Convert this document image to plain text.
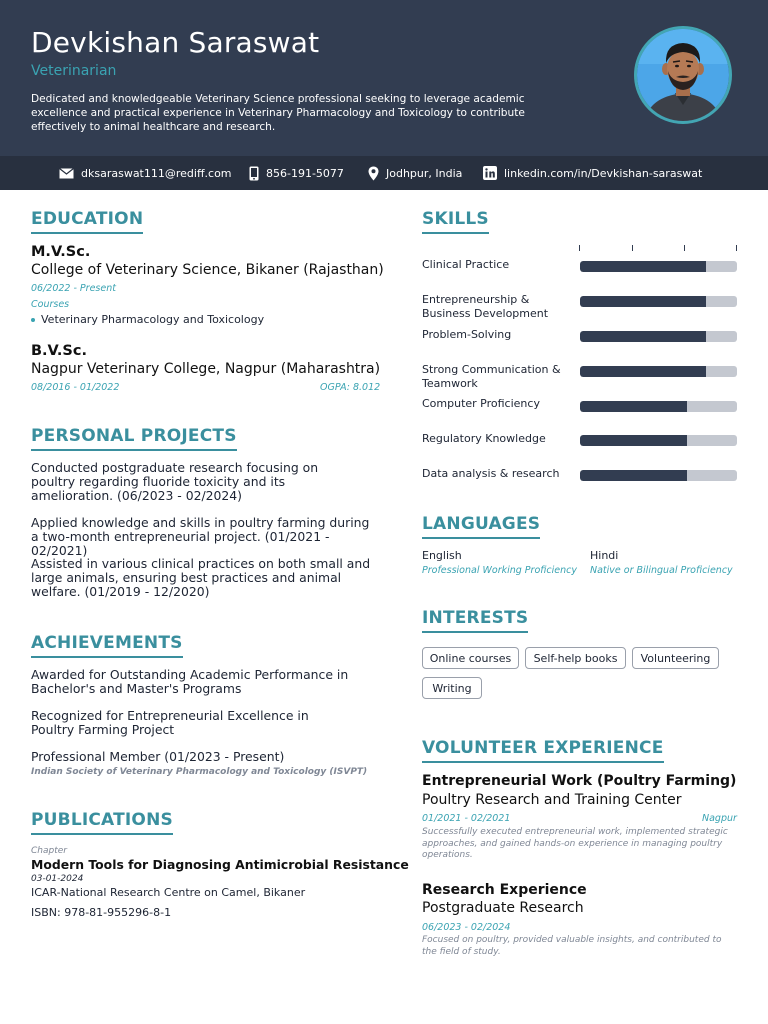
Devkishan Saraswat
Veterinarian
Dedicated and knowledgeable Veterinary Science professional seeking to leverage academic excellence and practical experience in Veterinary Pharmacology and Toxicology to contribute effectively to animal healthcare and research.
dksaraswat111@rediff.com	856-191-5077	Jodhpur, India	linkedin.com/in/Devkishan-saraswat
EDUCATION
M.V.Sc.
College of Veterinary Science, Bikaner (Rajasthan)
06/2022 - Present
Courses
Veterinary Pharmacology and Toxicology
B.V.Sc.
Nagpur Veterinary College, Nagpur (Maharashtra)
08/2016 - 01/2022	OGPA: 8.012
PERSONAL PROJECTS
Conducted postgraduate research focusing on poultry regarding fluoride toxicity and its amelioration. (06/2023 - 02/2024)
Applied knowledge and skills in poultry farming during a two-month entrepreneurial project. (01/2021 - 02/2021)
Assisted in various clinical practices on both small and large animals, ensuring best practices and animal welfare. (01/2019 - 12/2020)
ACHIEVEMENTS
Awarded for Outstanding Academic Performance in Bachelor's and Master's Programs
Recognized for Entrepreneurial Excellence in Poultry Farming Project
Professional Member (01/2023 - Present)
Indian Society of Veterinary Pharmacology and Toxicology (ISVPT)
PUBLICATIONS
Chapter
Modern Tools for Diagnosing Antimicrobial Resistance
03-01-2024
ICAR-National Research Centre on Camel, Bikaner
ISBN: 978-81-955296-8-1
SKILLS
Clinical Practice
Entrepreneurship & Business Development
Problem-Solving
Strong Communication & Teamwork
Computer Proficiency
Regulatory Knowledge
Data analysis & research
LANGUAGES
English
Professional Working Proficiency
Hindi
Native or Bilingual Proficiency
INTERESTS
Online courses	Self-help books	Volunteering
Writing
VOLUNTEER EXPERIENCE
Entrepreneurial Work (Poultry Farming)
Poultry Research and Training Center
01/2021 - 02/2021	Nagpur
Successfully executed entrepreneurial work, implemented strategic approaches, and gained hands-on experience in managing poultry operations.
Research Experience
Postgraduate Research
06/2023 - 02/2024
Focused on poultry, provided valuable insights, and contributed to the field of study.
